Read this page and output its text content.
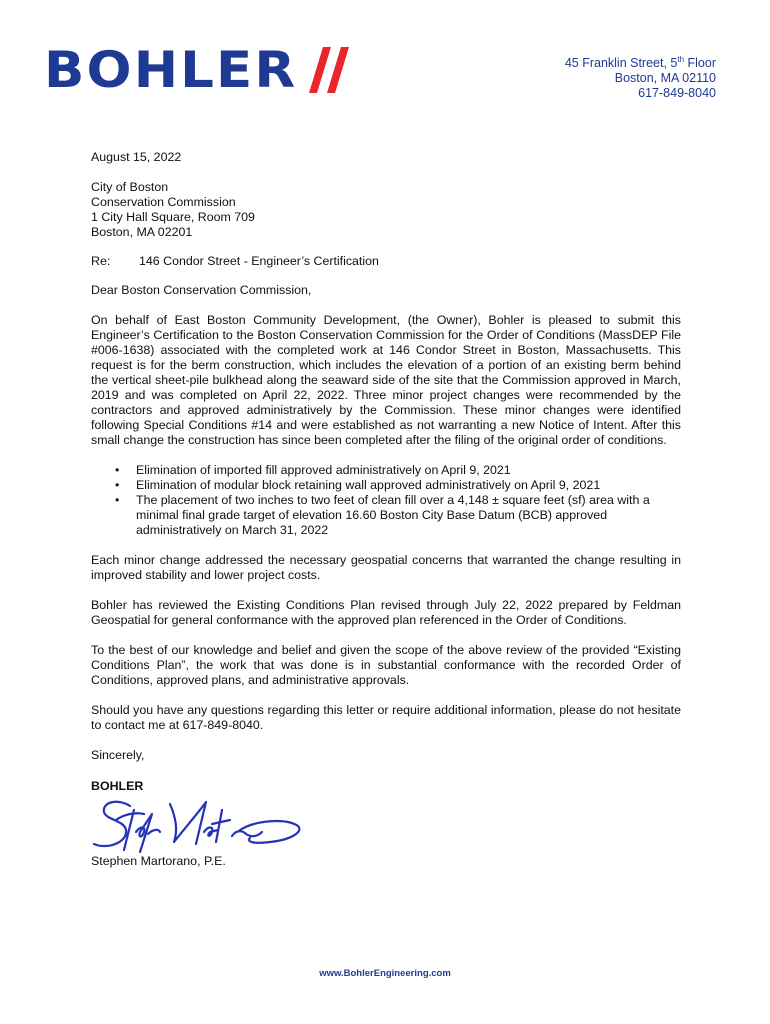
BOHLER	45 Franklin Street, 5th Floor
Boston, MA 02110
617-849-8040

August 15, 2022

City of Boston

Conservation Commission

1 City Hall Square, Room 709

Boston, MA 02201

Re:	146 Condor Street - Engineer’s Certification

Dear Boston Conservation Commission,

On behalf of East Boston Community Development, (the Owner), Bohler is pleased to submit this Engineer’s Certification to the Boston Conservation Commission for the Order of Conditions (MassDEP File #006-1638) associated with the completed work at 146 Condor Street in Boston, Massachusetts. This request is for the berm construction, which includes the elevation of a portion of an existing berm behind the vertical sheet-pile bulkhead along the seaward side of the site that the Commission approved in March, 2019 and was completed on April 22, 2022. Three minor project changes were recommended by the contractors and approved administratively by the Commission. These minor changes were identified following Special Conditions #14 and were established as not warranting a new Notice of Intent. After this small change the construction has since been completed after the filing of the original order of conditions.

• Elimination of imported fill approved administratively on April 9, 2021
• Elimination of modular block retaining wall approved administratively on April 9, 2021
• The placement of two inches to two feet of clean fill over a 4,148 ± square feet (sf) area with a minimal final grade target of elevation 16.60 Boston City Base Datum (BCB) approved administratively on March 31, 2022

Each minor change addressed the necessary geospatial concerns that warranted the change resulting in improved stability and lower project costs.

Bohler has reviewed the Existing Conditions Plan revised through July 22, 2022 prepared by Feldman Geospatial for general conformance with the approved plan referenced in the Order of Conditions.

To the best of our knowledge and belief and given the scope of the above review of the provided “Existing Conditions Plan”, the work that was done is in substantial conformance with the recorded Order of Conditions, approved plans, and administrative approvals.

Should you have any questions regarding this letter or require additional information, please do not hesitate to contact me at 617-849-8040.

Sincerely,

BOHLER

Stephen Martorano, P.E.

www.BohlerEngineering.com
